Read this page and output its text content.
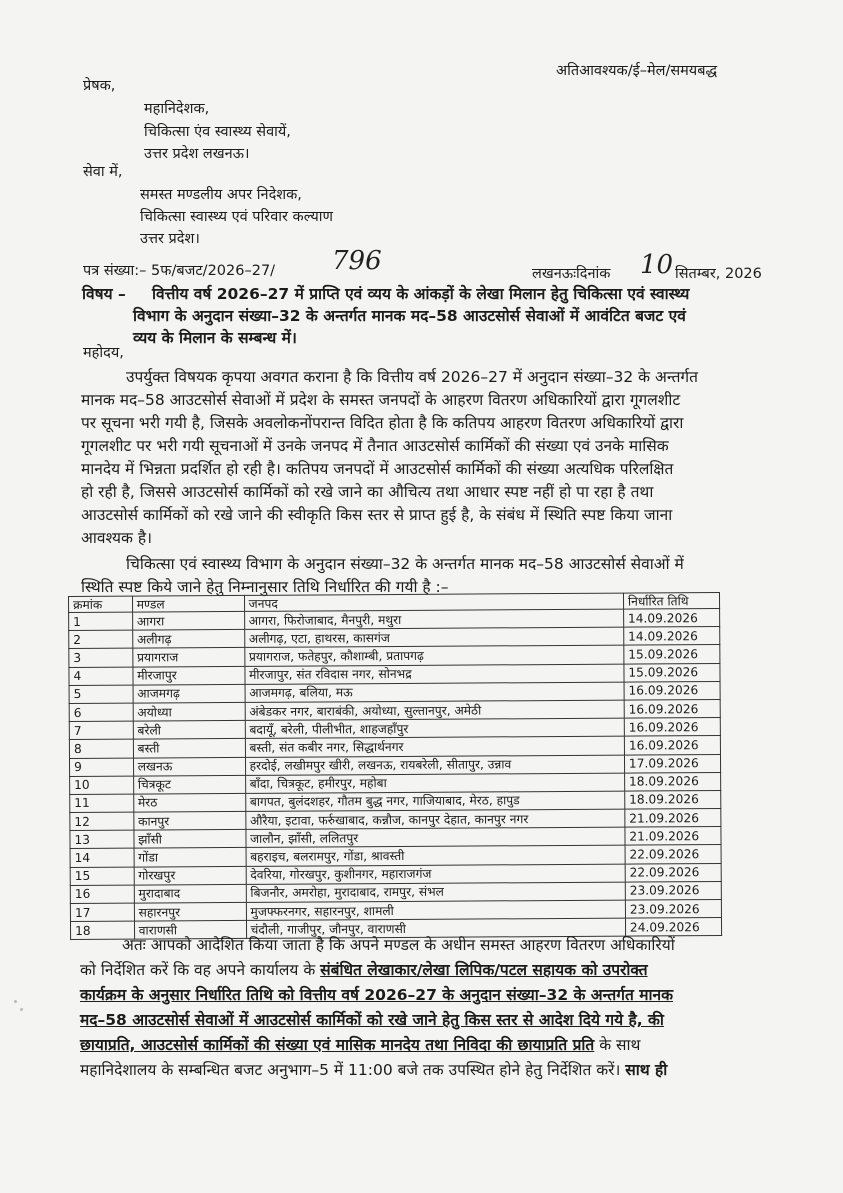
अतिआवश्यक/ई–मेल/समयबद्ध
प्रेषक,
महानिदेशक,
चिकित्सा एंव स्वास्थ्य सेवायें,
उत्तर प्रदेश लखनऊ।
सेवा में,
समस्त मण्डलीय अपर निदेशक,
चिकित्सा स्वास्थ्य एवं परिवार कल्याण
उत्तर प्रदेश।
पत्र संख्या:– 5फ/बजट/2026–27/ 796	लखनऊःदिनांक 10 सितम्बर, 2026
विषय – वित्तीय वर्ष 2026–27 में प्राप्ति एवं व्यय के आंकड़ों के लेखा मिलान हेतु चिकित्सा एवं स्वास्थ्य
विभाग के अनुदान संख्या–32 के अन्तर्गत मानक मद–58 आउटसोर्स सेवाओं में आवंटित बजट एवं
व्यय के मिलान के सम्बन्ध में।
महोदय,
उपर्युक्त विषयक कृपया अवगत कराना है कि वित्तीय वर्ष 2026–27 में अनुदान संख्या–32 के अन्तर्गत
मानक मद–58 आउटसोर्स सेवाओं में प्रदेश के समस्त जनपदों के आहरण वितरण अधिकारियों द्वारा गूगलशीट
पर सूचना भरी गयी है, जिसके अवलोकनोंपरान्त विदित होता है कि कतिपय आहरण वितरण अधिकारियों द्वारा
गूगलशीट पर भरी गयी सूचनाओं में उनके जनपद में तैनात आउटसोर्स कार्मिकों की संख्या एवं उनके मासिक
मानदेय में भिन्नता प्रदर्शित हो रही है। कतिपय जनपदों में आउटसोर्स कार्मिकों की संख्या अत्यधिक परिलक्षित
हो रही है, जिससे आउटसोर्स कार्मिकों को रखे जाने का औचित्य तथा आधार स्पष्ट नहीं हो पा रहा है तथा
आउटसोर्स कार्मिकों को रखे जाने की स्वीकृति किस स्तर से प्राप्त हुई है, के संबंध में स्थिति स्पष्ट किया जाना
आवश्यक है।
चिकित्सा एवं स्वास्थ्य विभाग के अनुदान संख्या–32 के अन्तर्गत मानक मद–58 आउटसोर्स सेवाओं में
स्थिति स्पष्ट किये जाने हेतु निम्नानुसार तिथि निर्धारित की गयी है :–
क्रमांक	मण्डल	जनपद	निर्धारित तिथि
1	आगरा	आगरा, फिरोजाबाद, मैनपुरी, मथुरा	14.09.2026
2	अलीगढ़	अलीगढ़, एटा, हाथरस, कासगंज	14.09.2026
3	प्रयागराज	प्रयागराज, फतेहपुर, कौशाम्बी, प्रतापगढ़	15.09.2026
4	मीरजापुर	मीरजापुर, संत रविदास नगर, सोनभद्र	15.09.2026
5	आजमगढ़	आजमगढ़, बलिया, मऊ	16.09.2026
6	अयोध्या	अंबेडकर नगर, बाराबंकी, अयोध्या, सुल्तानपुर, अमेठी	16.09.2026
7	बरेली	बदायूँ, बरेली, पीलीभीत, शाहजहाँपुर	16.09.2026
8	बस्ती	बस्ती, संत कबीर नगर, सिद्धार्थनगर	16.09.2026
9	लखनऊ	हरदोई, लखीमपुर खीरी, लखनऊ, रायबरेली, सीतापुर, उन्नाव	17.09.2026
10	चित्रकूट	बाँदा, चित्रकूट, हमीरपुर, महोबा	18.09.2026
11	मेरठ	बागपत, बुलंदशहर, गौतम बुद्ध नगर, गाजियाबाद, मेरठ, हापुड	18.09.2026
12	कानपुर	औरैया, इटावा, फर्रुखाबाद, कन्नौज, कानपुर देहात, कानपुर नगर	21.09.2026
13	झाँसी	जालौन, झाँसी, ललितपुर	21.09.2026
14	गोंडा	बहराइच, बलरामपुर, गोंडा, श्रावस्ती	22.09.2026
15	गोरखपुर	देवरिया, गोरखपुर, कुशीनगर, महाराजगंज	22.09.2026
16	मुरादाबाद	बिजनौर, अमरोहा, मुरादाबाद, रामपुर, संभल	23.09.2026
17	सहारनपुर	मुजफ्फरनगर, सहारनपुर, शामली	23.09.2026
18	वाराणसी	चंदौली, गाजीपुर, जौनपुर, वाराणसी	24.09.2026
अतः आपको आदेशित किया जाता है कि अपने मण्डल के अधीन समस्त आहरण वितरण अधिकारियों
को निर्देशित करें कि वह अपने कार्यालय के संबंधित लेखाकार/लेखा लिपिक/पटल सहायक को उपरोक्त
कार्यक्रम के अनुसार निर्धारित तिथि को वित्तीय वर्ष 2026–27 के अनुदान संख्या–32 के अन्तर्गत मानक
मद–58 आउटसोर्स सेवाओं में आउटसोर्स कार्मिकों को रखे जाने हेतु किस स्तर से आदेश दिये गये है, की
छायाप्रति, आउटसोर्स कार्मिकों की संख्या एवं मासिक मानदेय तथा निविदा की छायाप्रति प्रति के साथ
महानिदेशालय के सम्बन्धित बजट अनुभाग–5 में 11:00 बजे तक उपस्थित होने हेतु निर्देशित करें। साथ ही
